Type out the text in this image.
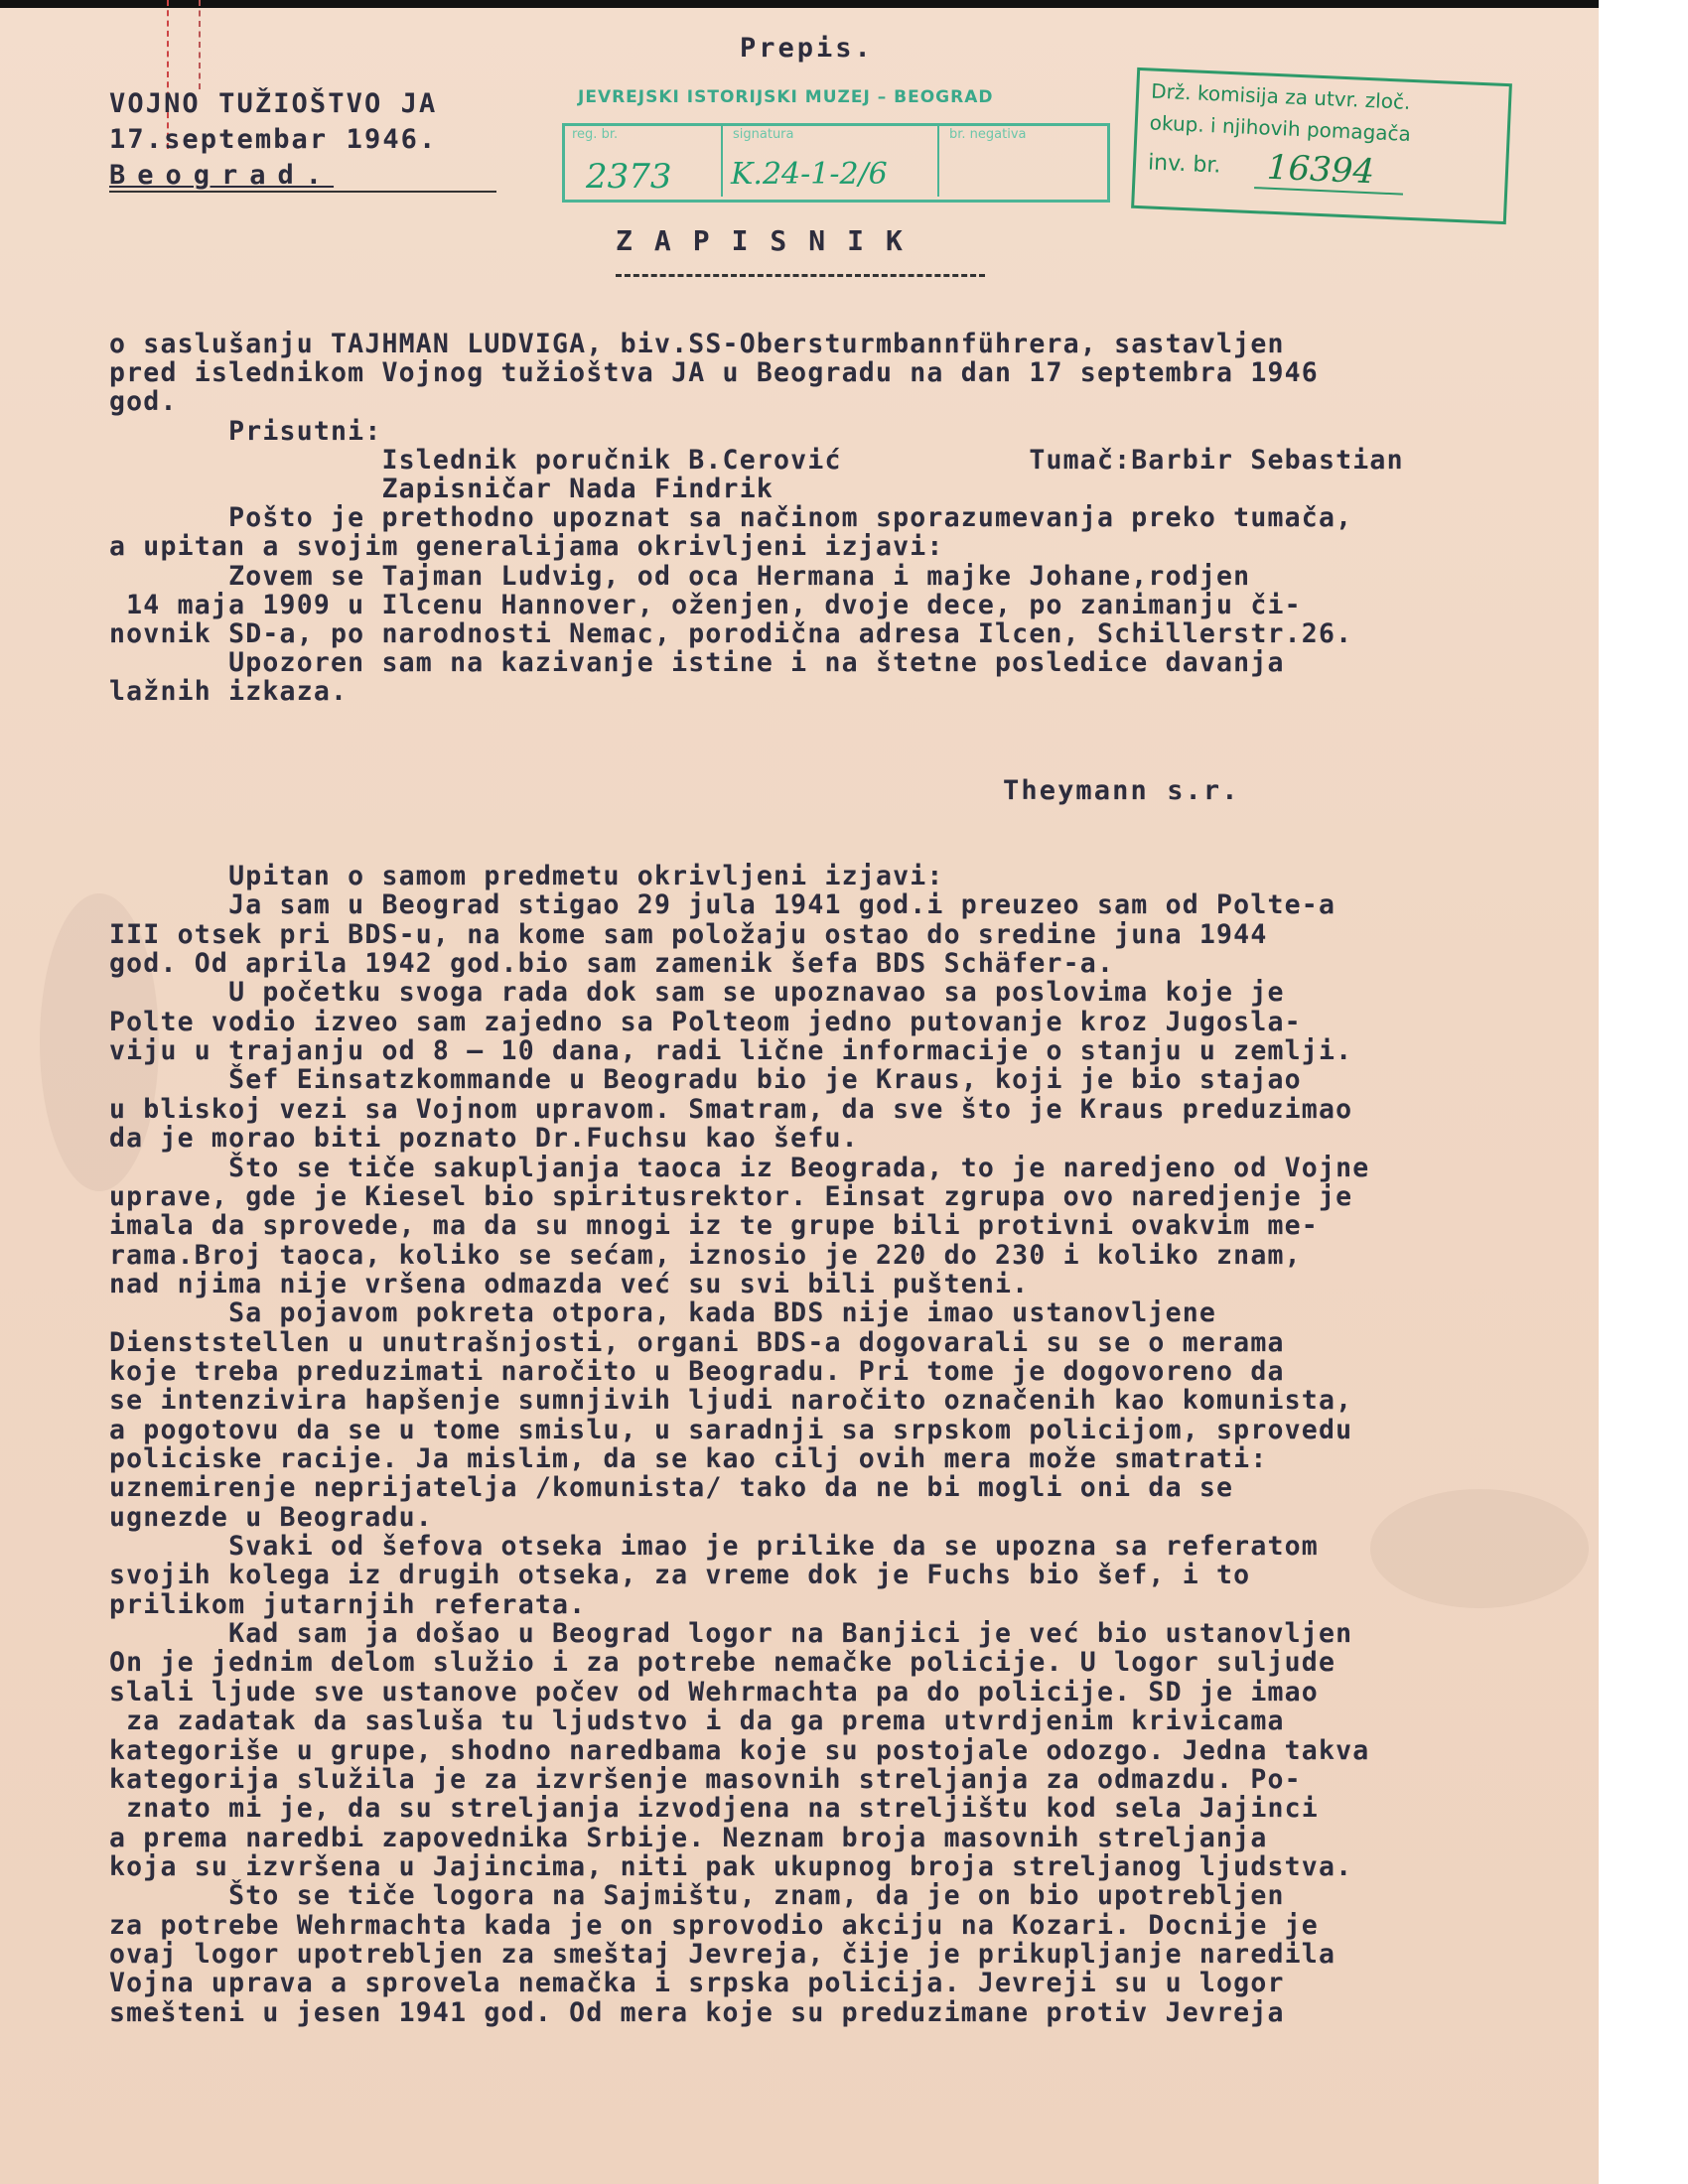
Prepis.
VOJNO TUŽIOŠTVO JA
17.septembar 1946.
Beograd.
JEVREJSKI ISTORIJSKI MUZEJ – BEOGRAD
reg. br.	signatura	br. negativa
2373 K.24-1-2/6
Drž. komisija za utvr. zloč.
okup. i njihovih pomagača
inv. br. 16394
ZAPISNIK
o saslušanju TAJHMAN LUDVIGA, biv.SS-Obersturmbannführera, sastavljen
pred islednikom Vojnog tužioštva JA u Beogradu na dan 17 septembra 1946
god.
Prisutni:
Islednik poručnik B.Cerović           Tumač:Barbir Sebastian
Zapisničar Nada Findrik
Pošto je prethodno upoznat sa načinom sporazumevanja preko tumača,
a upitan a svojim generalijama okrivljeni izjavi:
Zovem se Tajman Ludvig, od oca Hermana i majke Johane,rodjen
14 maja 1909 u Ilcenu Hannover, oženjen, dvoje dece, po zanimanju či-
novnik SD-a, po narodnosti Nemac, porodična adresa Ilcen, Schillerstr.26.
Upozoren sam na kazivanje istine i na štetne posledice davanja
lažnih izkaza.
Theymann s.r.
Upitan o samom predmetu okrivljeni izjavi:
Ja sam u Beograd stigao 29 jula 1941 god.i preuzeo sam od Polte-a
III otsek pri BDS-u, na kome sam položaju ostao do sredine juna 1944
god. Od aprila 1942 god.bio sam zamenik šefa BDS Schäfer-a.
U početku svoga rada dok sam se upoznavao sa poslovima koje je
Polte vodio izveo sam zajedno sa Polteom jedno putovanje kroz Jugosla-
viju u trajanju od 8 – 10 dana, radi lične informacije o stanju u zemlji.
Šef Einsatzkommande u Beogradu bio je Kraus, koji je bio stajao
u bliskoj vezi sa Vojnom upravom. Smatram, da sve što je Kraus preduzimao
da je morao biti poznato Dr.Fuchsu kao šefu.
Što se tiče sakupljanja taoca iz Beograda, to je naredjeno od Vojne
uprave, gde je Kiesel bio spiritusrektor. Einsat zgrupa ovo naredjenje je
imala da sprovede, ma da su mnogi iz te grupe bili protivni ovakvim me-
rama.Broj taoca, koliko se sećam, iznosio je 220 do 230 i koliko znam,
nad njima nije vršena odmazda već su svi bili pušteni.
Sa pojavom pokreta otpora, kada BDS nije imao ustanovljene
Dienststellen u unutrašnjosti, organi BDS-a dogovarali su se o merama
koje treba preduzimati naročito u Beogradu. Pri tome je dogovoreno da
se intenzivira hapšenje sumnjivih ljudi naročito označenih kao komunista,
a pogotovu da se u tome smislu, u saradnji sa srpskom policijom, sprovedu
policiske racije. Ja mislim, da se kao cilj ovih mera može smatrati:
uznemirenje neprijatelja /komunista/ tako da ne bi mogli oni da se
ugnezde u Beogradu.
Svaki od šefova otseka imao je prilike da se upozna sa referatom
svojih kolega iz drugih otseka, za vreme dok je Fuchs bio šef, i to
prilikom jutarnjih referata.
Kad sam ja došao u Beograd logor na Banjici je već bio ustanovljen
On je jednim delom služio i za potrebe nemačke policije. U logor suljude
slali ljude sve ustanove počev od Wehrmachta pa do policije. SD je imao
za zadatak da sasluša tu ljudstvo i da ga prema utvrdjenim krivicama
kategoriše u grupe, shodno naredbama koje su postojale odozgo. Jedna takva
kategorija služila je za izvršenje masovnih streljanja za odmazdu. Po-
znato mi je, da su streljanja izvodjena na streljištu kod sela Jajinci
a prema naredbi zapovednika Srbije. Neznam broja masovnih streljanja
koja su izvršena u Jajincima, niti pak ukupnog broja streljanog ljudstva.
Što se tiče logora na Sajmištu, znam, da je on bio upotrebljen
za potrebe Wehrmachta kada je on sprovodio akciju na Kozari. Docnije je
ovaj logor upotrebljen za smeštaj Jevreja, čije je prikupljanje naredila
Vojna uprava a sprovela nemačka i srpska policija. Jevreji su u logor
smešteni u jesen 1941 god. Od mera koje su preduzimane protiv Jevreja
